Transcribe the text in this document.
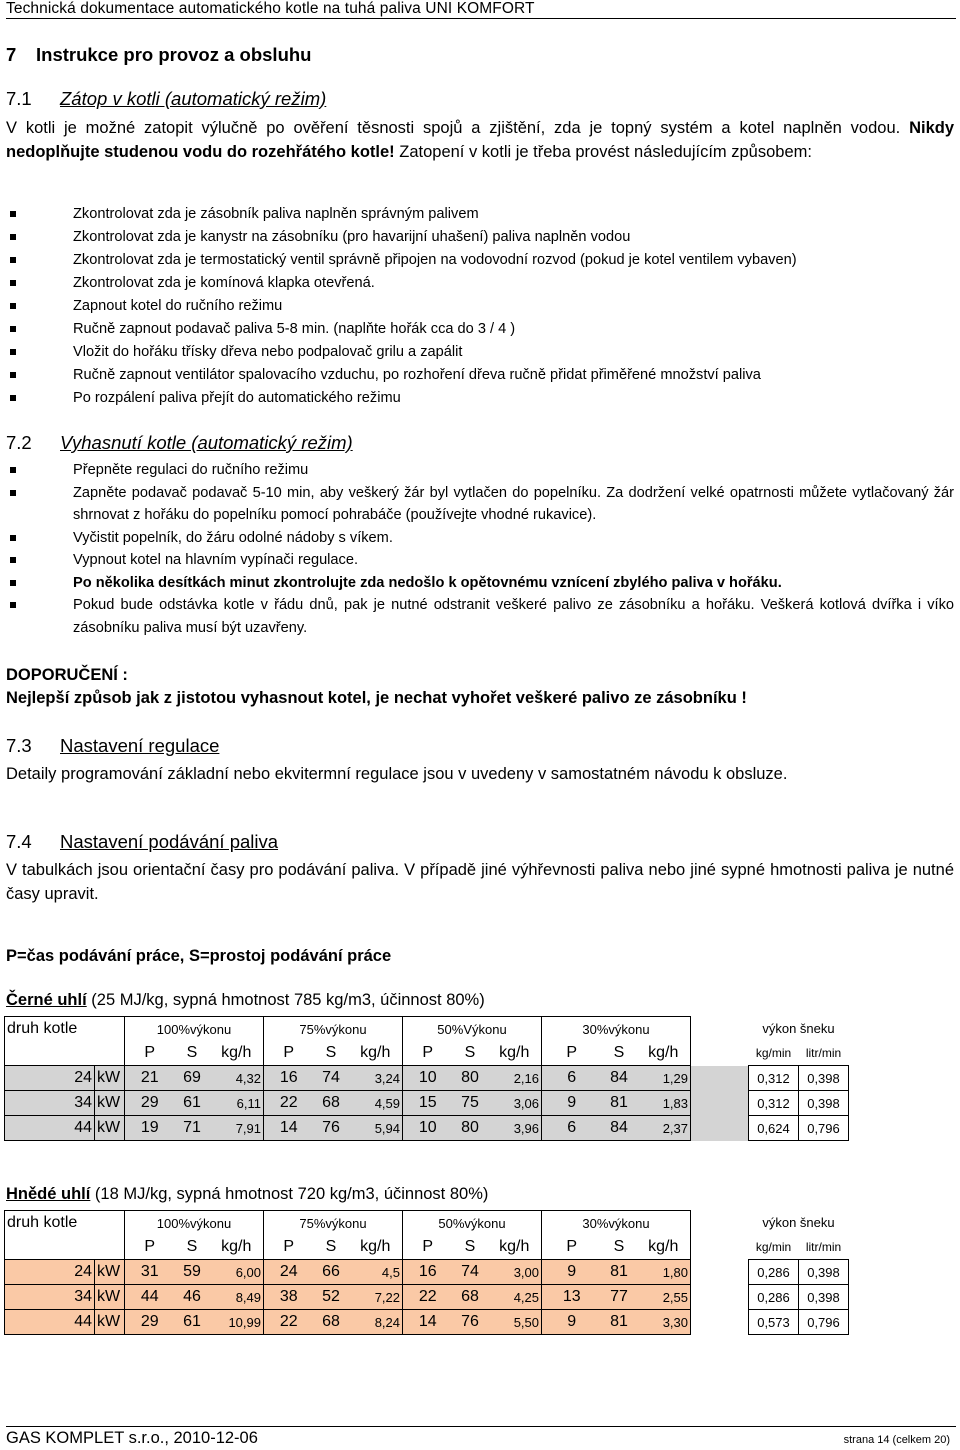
Technická dokumentace automatického kotle na tuhá paliva UNI KOMFORT
7 Instrukce pro provoz a obsluhu
7.1 Zátop v kotli (automatický režim)
V kotli je možné zatopit výlučně po ověření těsnosti spojů a zjištění, zda je topný systém a kotel naplněn vodou. Nikdy nedoplňujte studenou vodu do rozehřátého kotle! Zatopení v kotli je třeba provést následujícím způsobem:
Zkontrolovat zda je zásobník paliva naplněn správným palivem
Zkontrolovat zda je kanystr na zásobníku (pro havarijní uhašení) paliva naplněn vodou
Zkontrolovat zda je termostatický ventil správně připojen na vodovodní rozvod (pokud je kotel ventilem vybaven)
Zkontrolovat zda je komínová klapka otevřená.
Zapnout kotel do ručního režimu
Ručně zapnout podavač paliva 5-8 min. (naplňte hořák cca do 3 / 4 )
Vložit do hořáku třísky dřeva nebo podpalovač grilu a zapálit
Ručně zapnout ventilátor spalovacího vzduchu, po rozhoření dřeva ručně přidat přiměřené množství paliva
Po rozpálení paliva přejít do automatického režimu
7.2 Vyhasnutí kotle (automatický režim)
Přepněte regulaci do ručního režimu
Zapněte podavač podavač 5-10 min, aby veškerý žár byl vytlačen do popelníku. Za dodržení velké opatrnosti můžete vytlačovaný žár shrnovat z hořáku do popelníku pomocí pohrabáče (používejte vhodné rukavice).
Vyčistit popelník, do žáru odolné nádoby s víkem.
Vypnout kotel na hlavním vypínači regulace.
Po několika desítkách minut zkontrolujte zda nedošlo k opětovnému vznícení zbylého paliva v hořáku.
Pokud bude odstávka kotle v řádu dnů, pak je nutné odstranit veškeré palivo ze zásobníku a hořáku. Veškerá kotlová dvířka i víko zásobníku paliva musí být uzavřeny.
DOPORUČENÍ :
Nejlepší způsob jak z jistotou vyhasnout kotel, je nechat vyhořet veškeré palivo ze zásobníku !
7.3 Nastavení regulace
Detaily programování základní nebo ekvitermní regulace jsou v uvedeny v samostatném návodu k obsluze.
7.4 Nastavení podávání paliva
V tabulkách jsou orientační časy pro podávání paliva. V případě jiné výhřevnosti paliva nebo jiné sypné hmotnosti paliva je nutné časy upravit.
P=čas podávání práce, S=prostoj podávání práce
Černé uhlí (25 MJ/kg, sypná hmotnost 785 kg/m3, účinnost 80%)
druh kotle		100%výkonu			75%výkonu			50%Výkonu			30%výkonu				výkon šneku	
		P	S	kg/h	P	S	kg/h	P	S	kg/h	P	S	kg/h		kg/min	litr/min
24	kW	21	69	4,32	16	74	3,24	10	80	2,16	6	84	1,29		0,312	0,398
34	kW	29	61	6,11	22	68	4,59	15	75	3,06	9	81	1,83		0,312	0,398
44	kW	19	71	7,91	14	76	5,94	10	80	3,96	6	84	2,37		0,624	0,796
Hnědé uhlí (18 MJ/kg, sypná hmotnost 720 kg/m3, účinnost 80%)
druh kotle		100%výkonu			75%výkonu			50%výkonu			30%výkonu				výkon šneku	
		P	S	kg/h	P	S	kg/h	P	S	kg/h	P	S	kg/h		kg/min	litr/min
24	kW	31	59	6,00	24	66	4,5	16	74	3,00	9	81	1,80		0,286	0,398
34	kW	44	46	8,49	38	52	7,22	22	68	4,25	13	77	2,55		0,286	0,398
44	kW	29	61	10,99	22	68	8,24	14	76	5,50	9	81	3,30		0,573	0,796
GAS KOMPLET s.r.o., 2010-12-06	strana 14 (celkem 20)
